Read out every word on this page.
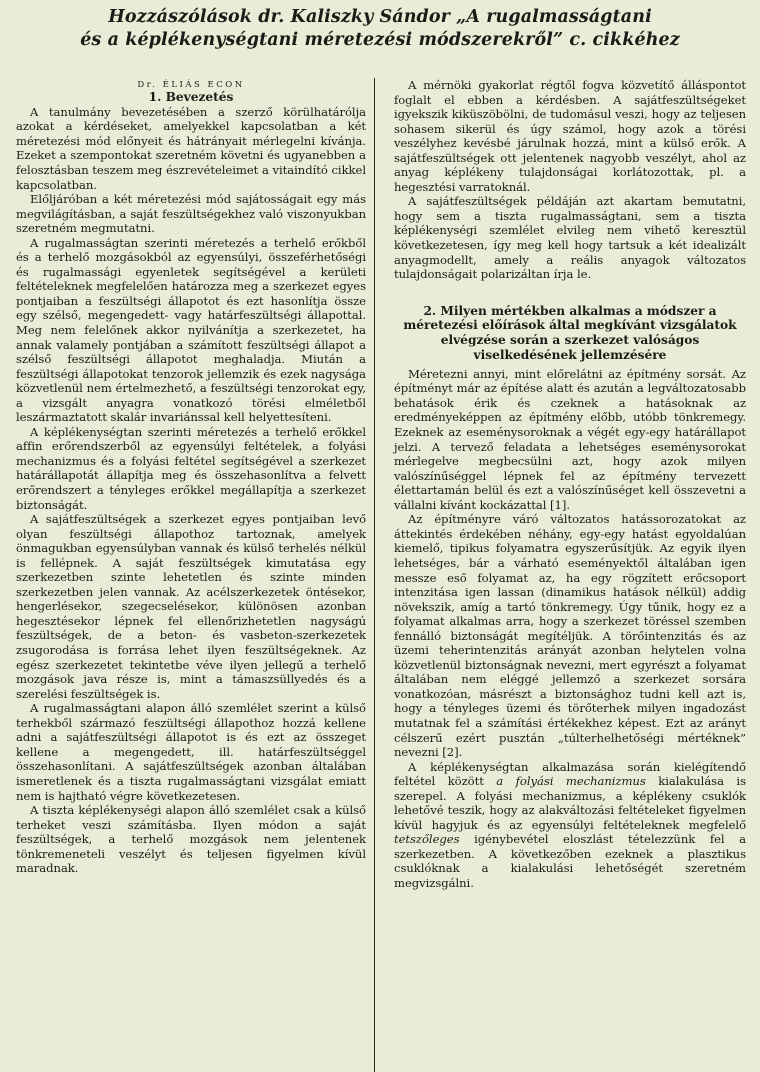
Hozzászólások dr. Kaliszky Sándor „A rugalmasságtani
és a képlékenységtani méretezési módszerekről” c. cikkéhez
Dr. ÉLIÁS ECON
1. Bevezetés

A tanulmány bevezetésében a szerző körülhatárólja azokat a kérdéseket, amelyekkel kapcsolatban a két méretezési mód előnyeit és hátrányait mérlegelni kívánja. Ezeket a szempontokat szeretném követni és ugyanebben a felosztásban teszem meg észrevételeimet a vitaindító cikkel kapcsolatban.

Előljáróban a két méretezési mód sajátosságait egy más megvilágításban, a saját feszültségekhez való viszonyukban szeretném megmutatni.

A rugalmasságtan szerinti méretezés a terhelő erőkből és a terhelő mozgásokból az egyensúlyi, összeférhetőségi és rugalmassági egyenletek segítségével a kerületi feltételeknek megfelelően határozza meg a szerkezet egyes pontjaiban a feszültségi állapotot és ezt hasonlítja össze egy szélső, megengedett- vagy határfeszültségi állapottal. Meg nem felelőnek akkor nyilvánítja a szerkezetet, ha annak valamely pontjában a számított feszültségi állapot a szélső feszültségi állapotot meghaladja. Miután a feszültségi állapotokat tenzorok jellemzik és ezek nagysága közvetlenül nem értelmezhető, a feszültségi tenzorokat egy, a vizsgált anyagra vonatkozó törési elméletből leszármaztatott skalár invariánssal kell helyettesíteni.

A képlékenységtan szerinti méretezés a terhelő erőkkel affin erőrendszerből az egyensúlyi feltételek, a folyási mechanizmus és a folyási feltétel segítségével a szerkezet határállapotát állapítja meg és összehasonlítva a felvett erőrendszert a tényleges erőkkel megállapítja a szerkezet biztonságát.

A sajátfeszültségek a szerkezet egyes pontjaiban levő olyan feszültségi állapothoz tartoznak, amelyek önmagukban egyensúlyban vannak és külső terhelés nélkül is fellépnek. A saját feszültségek kimutatása egy szerkezetben szinte lehetetlen és szinte minden szerkezetben jelen vannak. Az acélszerkezetek öntésekor, hengerlésekor, szegecselésekor, különösen azonban hegesztésekor lépnek fel ellenőrizhetetlen nagyságú feszültségek, de a beton- és vasbeton-szerkezetek zsugorodása is forrása lehet ilyen feszültségeknek. Az egész szerkezetet tekintetbe véve ilyen jellegű a terhelő mozgások java része is, mint a támaszsüllyedés és a szerelési feszültségek is.

A rugalmasságtani alapon álló szemlélet szerint a külső terhekből származó feszültségi állapothoz hozzá kellene adni a sajátfeszültségi állapotot is és ezt az összeget kellene a megengedett, ill. határfeszültséggel összehasonlítani. A sajátfeszültségek azonban általában ismeretlenek és a tiszta rugalmasságtani vizsgálat emiatt nem is hajtható végre következetesen.

A tiszta képlékenységi alapon álló szemlélet csak a külső terheket veszi számításba. Ilyen módon a saját feszültségek, a terhelő mozgások nem jelentenek tönkremeneteli veszélyt és teljesen figyelmen kívül maradnak.

A mérnöki gyakorlat régtől fogva közvetítő álláspontot foglalt el ebben a kérdésben. A sajátfeszültségeket igyekszik kiküszöbölni, de tudomásul veszi, hogy az teljesen sohasem sikerül és úgy számol, hogy azok a törési veszélyhez kevésbé járulnak hozzá, mint a külső erők. A sajátfeszültségek ott jelentenek nagyobb veszélyt, ahol az anyag képlékeny tulajdonságai korlátozottak, pl. a hegesztési varratoknál.

A sajátfeszültségek példáján azt akartam bemutatni, hogy sem a tiszta rugalmasságtani, sem a tiszta képlékenységi szemlélet elvileg nem vihető keresztül következetesen, így meg kell hogy tartsuk a két idealizált anyagmodellt, amely a reális anyagok változatos tulajdonságait polarizáltan írja le.

2. Milyen mértékben alkalmas a módszer a méretezési előírások által megkívánt vizsgálatok elvégzése során a szerkezet valóságos viselkedésének jellemzésére

Méretezni annyi, mint előrelátni az építmény sorsát. Az építményt már az építése alatt és azután a legváltozatosabb behatások érik és czeknek a hatásoknak az eredményeképpen az építmény előbb, utóbb tönkremegy. Ezeknek az eseménysoroknak a végét egy-egy határállapot jelzi. A tervező feladata a lehetséges eseménysorokat mérlegelve megbecsülni azt, hogy azok milyen valószínűséggel lépnek fel az építmény tervezett élettartamán belül és ezt a valószínűséget kell összevetni a vállalni kívánt kockázattal [1].

Az építményre váró változatos hatássorozatokat az áttekintés érdekében néhány, egy-egy hatást egyoldalúan kiemelő, tipikus folyamatra egyszerűsítjük. Az egyik ilyen lehetséges, bár a várható eseményektől általában igen messze eső folyamat az, ha egy rögzített erőcsoport intenzitása igen lassan (dinamikus hatások nélkül) addig növekszik, amíg a tartó tönkremegy. Úgy tűnik, hogy ez a folyamat alkalmas arra, hogy a szerkezet töréssel szemben fennálló biztonságát megítéljük. A törőintenzitás és az üzemi teherintenzitás arányát azonban helytelen volna közvetlenül biztonságnak nevezni, mert egyrészt a folyamat általában nem eléggé jellemző a szerkezet sorsára vonatkozóan, másrészt a biztonsághoz tudni kell azt is, hogy a tényleges üzemi és törőterhek milyen ingadozást mutatnak fel a számítási értékekhez képest. Ezt az arányt célszerű ezért pusztán „túlterhelhetőségi mértéknek” nevezni [2].

A képlékenységtan alkalmazása során kielégítendő feltétel között a folyási mechanizmus kialakulása is szerepel. A folyási mechanizmus, a képlékeny csuklók lehetővé teszik, hogy az alakváltozási feltételeket figyelmen kívül hagyjuk és az egyensúlyi feltételeknek megfelelő tetszőleges igénybevétel eloszlást tételezzünk fel a szerkezetben. A következőben ezeknek a plasztikus csuklóknak a kialakulási lehetőségét szeretném megvizsgálni.
